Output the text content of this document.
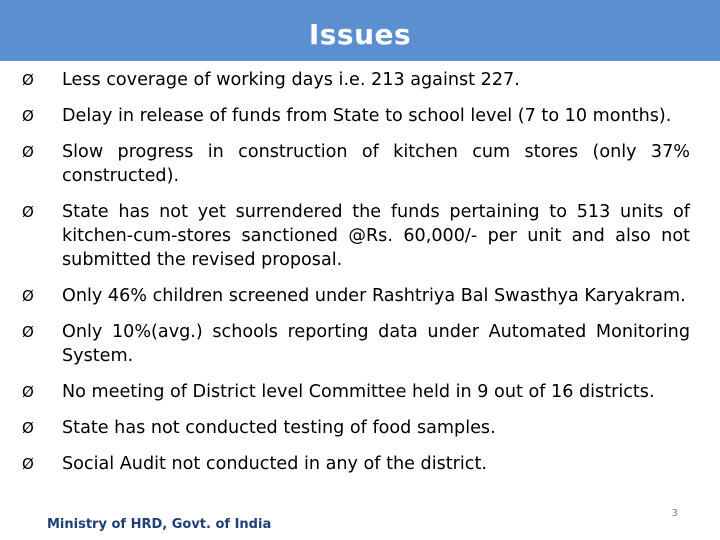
Issues
Ø Less coverage of working days i.e. 213 against 227.
Ø Delay in release of funds from State to school level (7 to 10 months).
Ø Slow progress in construction of kitchen cum stores (only 37% constructed).
Ø State has not yet surrendered the funds pertaining to 513 units of kitchen-cum-stores sanctioned @Rs. 60,000/- per unit and also not submitted the revised proposal.
Ø Only 46% children screened under Rashtriya Bal Swasthya Karyakram.
Ø Only 10%(avg.) schools reporting data under Automated Monitoring System.
Ø No meeting of District level Committee held in 9 out of 16 districts.
Ø State has not conducted testing of food samples.
Ø Social Audit not conducted in any of the district.
Ministry of HRD, Govt. of India
3
